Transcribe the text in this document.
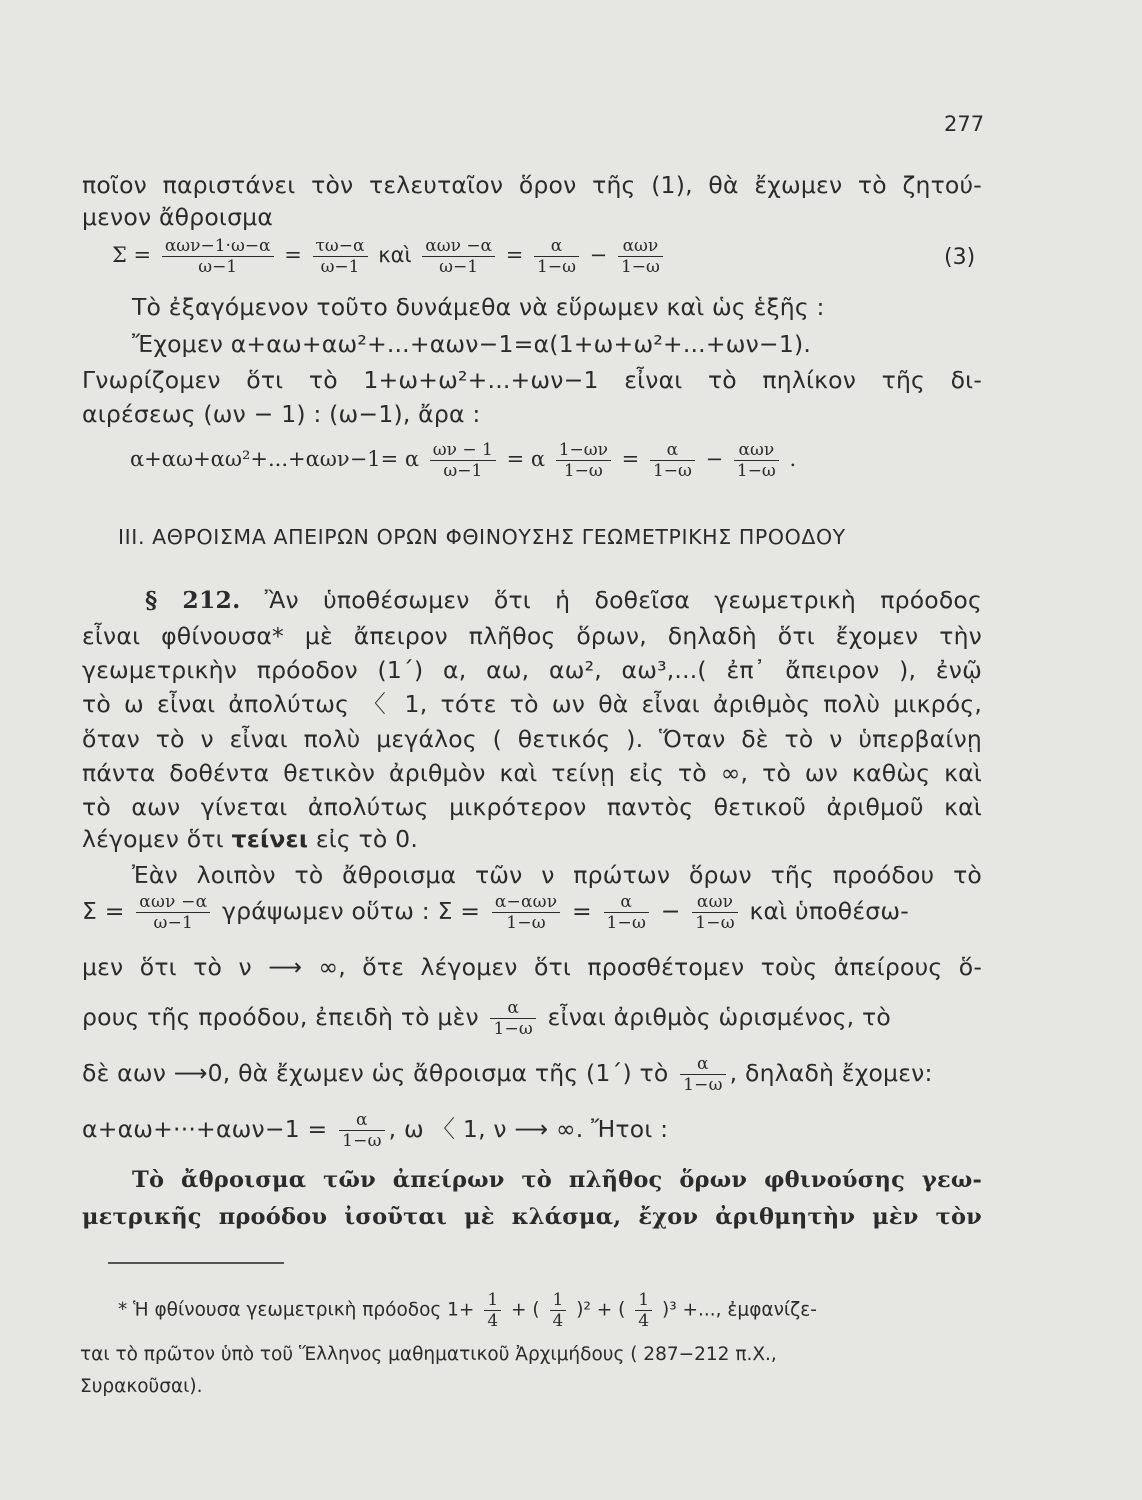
277
ποῖον παριστάνει τὸν τελευταῖον ὅρον τῆς (1), θὰ ἔχωμεν τὸ ζητού-
μενον ἄθροισμα
$\Sigma = \frac{\text{αων−1·ω−α}}{\omega-1} = \frac{\tau\omega-\alpha}{\omega-1}$ καὶ $\frac{\text{αων −α}}{\omega-1} = \frac{\alpha}{1-\omega} - \frac{\text{αων}}{1-\omega}$	(3)
Τὸ ἐξαγόμενον τοῦτο δυνάμεθα νὰ εὕρωμεν καὶ ὡς ἑξῆς :
Ἔχομεν α+αω+αω²+...+αων−1=α(1+ω+ω²+...+ων−1).
Γνωρίζομεν ὅτι τὸ 1+ω+ω²+...+ων−1 εἶναι τὸ πηλίκον τῆς δι-
αιρέσεως (ων − 1) : (ω−1), ἄρα :
α+αω+αω²+...+αων−1= α $\frac{\omega\nu - 1}{\omega-1} = \alpha \frac{1-\omega\nu}{1-\omega} = \frac{\alpha}{1-\omega} - \frac{\text{αων}}{1-\omega}$ .
III. ΑΘΡΟΙΣΜΑ ΑΠΕΙΡΩΝ ΟΡΩΝ ΦΘΙΝΟΥΣΗΣ ΓΕΩΜΕΤΡΙΚΗΣ ΠΡΟΟΔΟΥ
§ 212. Ἂν ὑποθέσωμεν ὅτι ἡ δοθεῖσα γεωμετρικὴ πρόοδος
εἶναι φθίνουσα* μὲ ἄπειρον πλῆθος ὅρων, δηλαδὴ ὅτι ἔχομεν τὴν
γεωμετρικὴν πρόοδον (1΄) α, αω, αω², αω³,...( ἐπ᾿ ἄπειρον ), ἐνῷ
τὸ ω εἶναι ἀπολύτως 〈 1, τότε τὸ ων θὰ εἶναι ἀριθμὸς πολὺ μικρός,
ὅταν τὸ ν εἶναι πολὺ μεγάλος ( θετικός ). Ὅταν δὲ τὸ ν ὑπερβαίνῃ
πάντα δοθέντα θετικὸν ἀριθμὸν καὶ τείνῃ εἰς τὸ ∞, τὸ ων καθὼς καὶ
τὸ αων γίνεται ἀπολύτως μικρότερον παντὸς θετικοῦ ἀριθμοῦ καὶ
λέγομεν ὅτι τείνει εἰς τὸ 0.
Ἐὰν λοιπὸν τὸ ἄθροισμα τῶν ν πρώτων ὅρων τῆς προόδου τὸ
$\Sigma = \frac{\text{αων −α}}{\omega-1}$ γράψωμεν οὕτω : $\Sigma = \frac{\text{α−αων}}{1-\omega} = \frac{\alpha}{1-\omega} - \frac{\text{αων}}{1-\omega}$ καὶ ὑποθέσω-
μεν ὅτι τὸ ν ⟶ ∞, ὅτε λέγομεν ὅτι προσθέτομεν τοὺς ἀπείρους ὅ-
ρους τῆς προόδου, ἐπειδὴ τὸ μὲν $\frac{\alpha}{1-\omega}$ εἶναι ἀριθμὸς ὡρισμένος, τὸ
δὲ αων ⟶0, θὰ ἔχωμεν ὡς ἄθροισμα τῆς (1΄) τὸ $\frac{\alpha}{1-\omega}$ , δηλαδὴ ἔχομεν:
$\alpha+\alpha\omega+\cdot\cdot\cdot+\alpha\omega\nu-1 = \frac{\alpha}{1-\omega}$ , ω 〈 1, ν ⟶ ∞. Ἤτοι :
Τὸ ἄθροισμα τῶν ἀπείρων τὸ πλῆθος ὅρων φθινούσης γεω-
μετρικῆς προόδου ἰσοῦται μὲ κλάσμα, ἔχον ἀριθμητὴν μὲν τὸν
* Ἡ φθίνουσα γεωμετρικὴ πρόοδος $1+ \frac{1}{4}$ + ( $\frac{1}{4} )^2$ + ( $\frac{1}{4} )^3$ +..., ἐμφανίζε-
ται τὸ πρῶτον ὑπὸ τοῦ Ἕλληνος μαθηματικοῦ Ἀρχιμήδους ( 287−212 π.Χ.,
Συρακοῦσαι).
